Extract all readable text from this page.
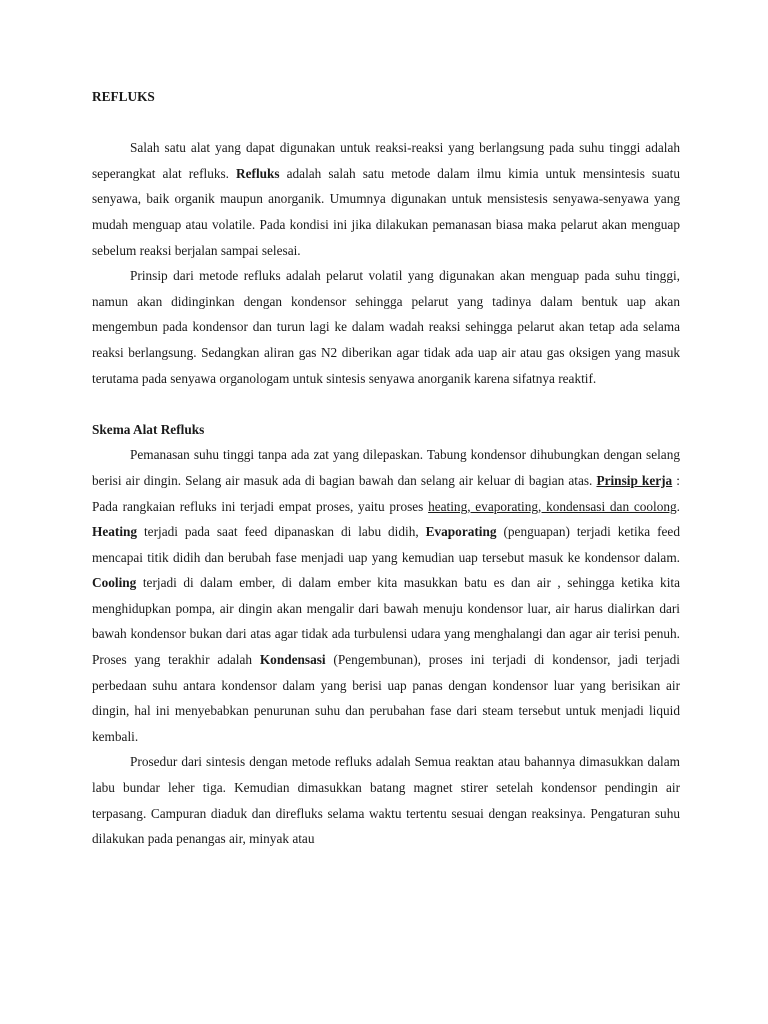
REFLUKS

Salah satu alat yang dapat digunakan untuk reaksi-reaksi yang berlangsung pada suhu tinggi adalah seperangkat alat refluks. Refluks adalah salah satu metode dalam ilmu kimia untuk mensintesis suatu senyawa, baik organik maupun anorganik. Umumnya digunakan untuk mensistesis senyawa-senyawa yang mudah menguap atau volatile. Pada kondisi ini jika dilakukan pemanasan biasa maka pelarut akan menguap sebelum reaksi berjalan sampai selesai.

Prinsip dari metode refluks adalah pelarut volatil yang digunakan akan menguap pada suhu tinggi, namun akan didinginkan dengan kondensor sehingga pelarut yang tadinya dalam bentuk uap akan mengembun pada kondensor dan turun lagi ke dalam wadah reaksi sehingga pelarut akan tetap ada selama reaksi berlangsung. Sedangkan aliran gas N2 diberikan agar tidak ada uap air atau gas oksigen yang masuk terutama pada senyawa organologam untuk sintesis senyawa anorganik karena sifatnya reaktif.

Skema Alat Refluks

Pemanasan suhu tinggi tanpa ada zat yang dilepaskan. Tabung kondensor dihubungkan dengan selang berisi air dingin. Selang air masuk ada di bagian bawah dan selang air keluar di bagian atas. Prinsip kerja : Pada rangkaian refluks ini terjadi empat proses, yaitu proses heating, evaporating, kondensasi dan coolong. Heating terjadi pada saat feed dipanaskan di labu didih, Evaporating (penguapan) terjadi ketika feed mencapai titik didih dan berubah fase menjadi uap yang kemudian uap tersebut masuk ke kondensor dalam. Cooling terjadi di dalam ember, di dalam ember kita masukkan batu es dan air , sehingga ketika kita menghidupkan pompa, air dingin akan mengalir dari bawah menuju kondensor luar, air harus dialirkan dari bawah kondensor bukan dari atas agar tidak ada turbulensi udara yang menghalangi dan agar air terisi penuh. Proses yang terakhir adalah Kondensasi (Pengembunan), proses ini terjadi di kondensor, jadi terjadi perbedaan suhu antara kondensor dalam yang berisi uap panas dengan kondensor luar yang berisikan air dingin, hal ini menyebabkan penurunan suhu dan perubahan fase dari steam tersebut untuk menjadi liquid kembali.

Prosedur dari sintesis dengan metode refluks adalah Semua reaktan atau bahannya dimasukkan dalam labu bundar leher tiga. Kemudian dimasukkan batang magnet stirer setelah kondensor pendingin air terpasang. Campuran diaduk dan direfluks selama waktu tertentu sesuai dengan reaksinya. Pengaturan suhu dilakukan pada penangas air, minyak atau
